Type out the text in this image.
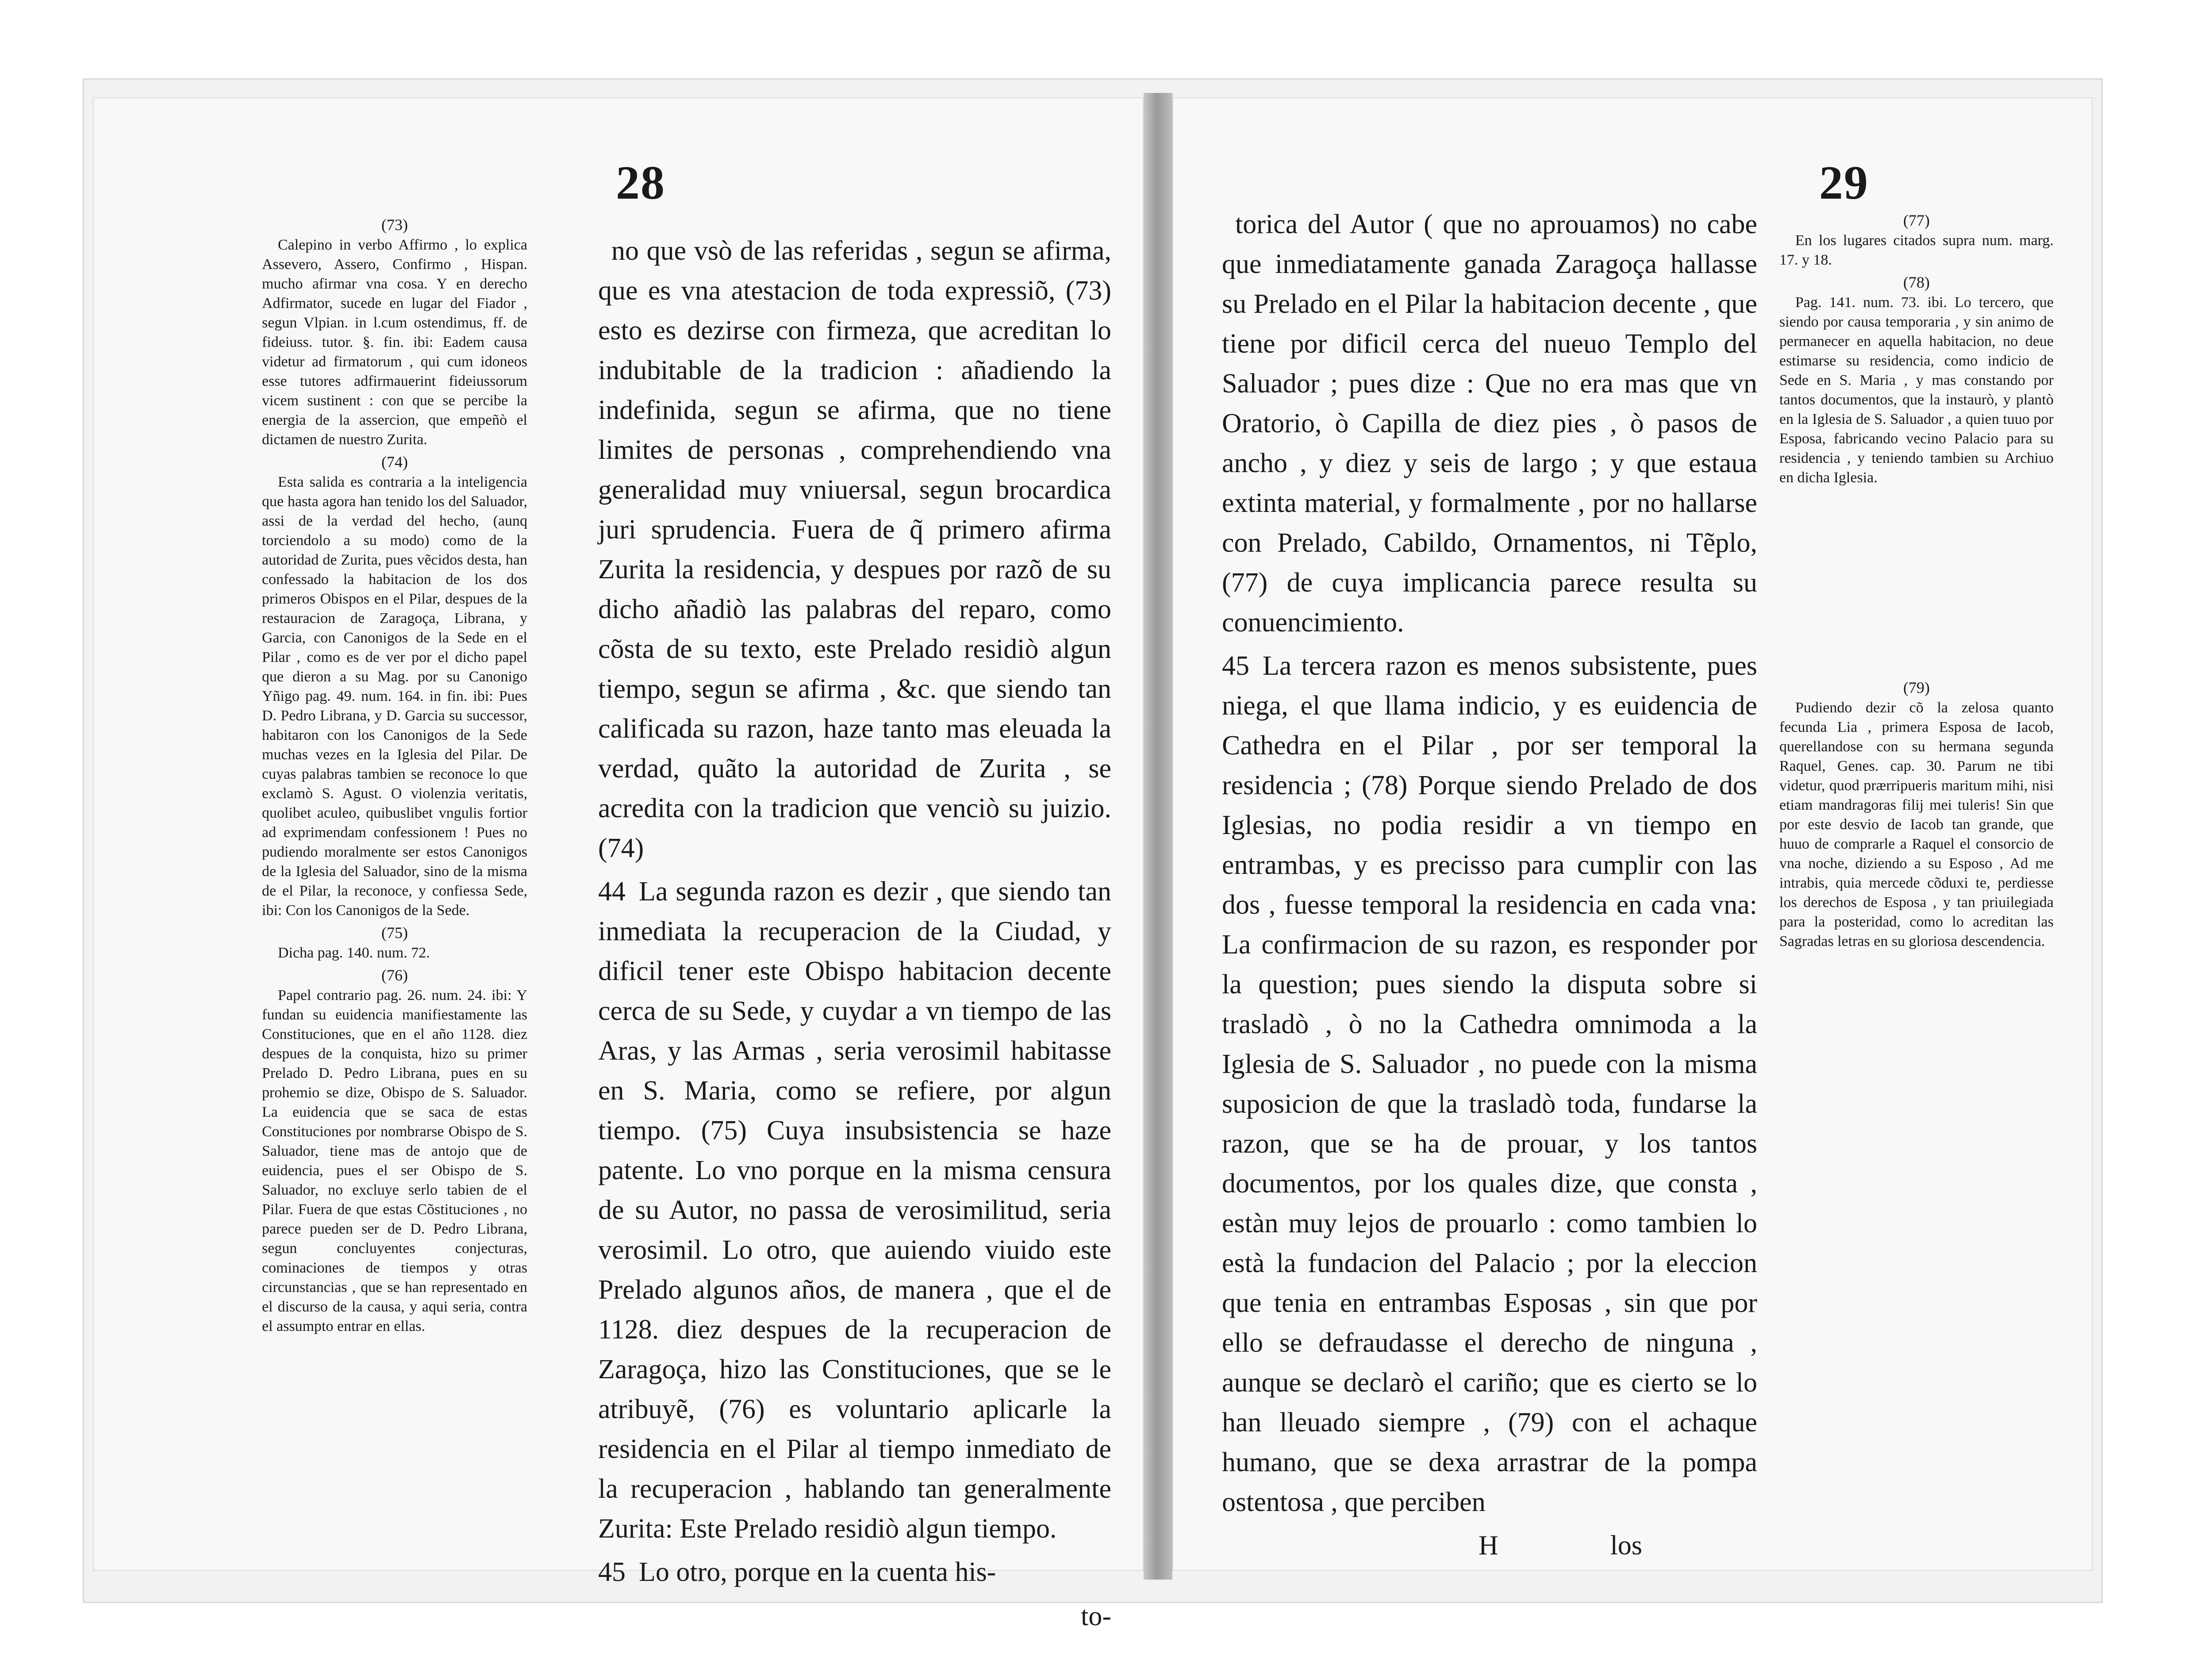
28
(73)
Calepino in verbo Affirmo , lo explica Assevero, Assero, Confirmo , Hispan. mucho afirmar vna cosa. Y en derecho Adfirmator, sucede en lugar del Fiador , segun Vlpian. in l.cum ostendimus, ff. de fideiuss. tutor. §. fin. ibi: Eadem causa videtur ad firmatorum , qui cum idoneos esse tutores adfirmauerint fideiussorum vicem sustinent : con que se percibe la energia de la assercion, que empeñò el dictamen de nuestro Zurita.
(74)
Esta salida es contraria a la inteligencia que hasta agora han tenido los del Saluador, assi de la verdad del hecho, (aunq torciendolo a su modo) como de la autoridad de Zurita, pues vẽcidos desta, han confessado la habitacion de los dos primeros Obispos en el Pilar, despues de la restauracion de Zaragoça, Librana, y Garcia, con Canonigos de la Sede en el Pilar , como es de ver por el dicho papel que dieron a su Mag. por su Canonigo Yñigo pag. 49. num. 164. in fin. ibi: Pues D. Pedro Librana, y D. Garcia su successor, habitaron con los Canonigos de la Sede muchas vezes en la Iglesia del Pilar. De cuyas palabras tambien se reconoce lo que exclamò S. Agust. O violenzia veritatis, quolibet aculeo, quibuslibet vngulis fortior ad exprimendam confessionem ! Pues no pudiendo moralmente ser estos Canonigos de la Iglesia del Saluador, sino de la misma de el Pilar, la reconoce, y confiessa Sede, ibi: Con los Canonigos de la Sede.
(75)
Dicha pag. 140. num. 72.
(76)
Papel contrario pag. 26. num. 24. ibi: Y fundan su euidencia manifiestamente las Constituciones, que en el año 1128. diez despues de la conquista, hizo su primer Prelado D. Pedro Librana, pues en su prohemio se dize, Obispo de S. Saluador. La euidencia que se saca de estas Constituciones por nombrarse Obispo de S. Saluador, tiene mas de antojo que de euidencia, pues el ser Obispo de S. Saluador, no excluye serlo tabien de el Pilar. Fuera de que estas Cõstituciones , no parece pueden ser de D. Pedro Librana, segun concluyentes conjecturas, cominaciones de tiempos y otras circunstancias , que se han representado en el discurso de la causa, y aqui seria, contra el assumpto entrar en ellas.

no que vsò de las referidas , segun se afirma, que es vna atestacion de toda expressiõ, (73) esto es dezirse con firmeza, que acreditan lo indubitable de la tradicion : añadiendo la indefinida, segun se afirma, que no tiene limites de personas , comprehendiendo vna generalidad muy vniuersal, segun brocardica juri sprudencia. Fuera de q̃ primero afirma Zurita la residencia, y despues por razõ de su dicho añadiò las palabras del reparo, como cõsta de su texto, este Prelado residiò algun tiempo, segun se afirma , &c. que siendo tan calificada su razon, haze tanto mas eleuada la verdad, quãto la autoridad de Zurita , se acredita con la tradicion que venciò su juizio. (74)

44 La segunda razon es dezir , que siendo tan inmediata la recuperacion de la Ciudad, y dificil tener este Obispo habitacion decente cerca de su Sede, y cuydar a vn tiempo de las Aras, y las Armas , seria verosimil habitasse en S. Maria, como se refiere, por algun tiempo. (75) Cuya insubsistencia se haze patente. Lo vno porque en la misma censura de su Autor, no passa de verosimilitud, seria verosimil. Lo otro, que auiendo viuido este Prelado algunos años, de manera , que el de 1128. diez despues de la recuperacion de Zaragoça, hizo las Constituciones, que se le atribuyẽ, (76) es voluntario aplicarle la residencia en el Pilar al tiempo inmediato de la recuperacion , hablando tan generalmente Zurita: Este Prelado residiò algun tiempo.

45 Lo otro, porque en la cuenta his-

to-
29

torica del Autor ( que no aprouamos) no cabe que inmediatamente ganada Zaragoça hallasse su Prelado en el Pilar la habitacion decente , que tiene por dificil cerca del nueuo Templo del Saluador ; pues dize : Que no era mas que vn Oratorio, ò Capilla de diez pies , ò pasos de ancho , y diez y seis de largo ; y que estaua extinta material, y formalmente , por no hallarse con Prelado, Cabildo, Ornamentos, ni Tẽplo, (77) de cuya implicancia parece resulta su conuencimiento.

45 La tercera razon es menos subsistente, pues niega, el que llama indicio, y es euidencia de Cathedra en el Pilar , por ser temporal la residencia ; (78) Porque siendo Prelado de dos Iglesias, no podia residir a vn tiempo en entrambas, y es precisso para cumplir con las dos , fuesse temporal la residencia en cada vna: La confirmacion de su razon, es responder por la question; pues siendo la disputa sobre si trasladò , ò no la Cathedra omnimoda a la Iglesia de S. Saluador , no puede con la misma suposicion de que la trasladò toda, fundarse la razon, que se ha de prouar, y los tantos documentos, por los quales dize, que consta , estàn muy lejos de prouarlo : como tambien lo està la fundacion del Palacio ; por la eleccion que tenia en entrambas Esposas , sin que por ello se defraudasse el derecho de ninguna , aunque se declarò el cariño; que es cierto se lo han lleuado siempre , (79) con el achaque humano, que se dexa arrastrar de la pompa ostentosa , que perciben

H	los
(77)
En los lugares citados supra num. marg. 17. y 18.
(78)
Pag. 141. num. 73. ibi. Lo tercero, que siendo por causa temporaria , y sin animo de permanecer en aquella habitacion, no deue estimarse su residencia, como indicio de Sede en S. Maria , y mas constando por tantos documentos, que la instaurò, y plantò en la Iglesia de S. Saluador , a quien tuuo por Esposa, fabricando vecino Palacio para su residencia , y teniendo tambien su Archiuo en dicha Iglesia.
(79)
Pudiendo dezir cõ la zelosa quanto fecunda Lia , primera Esposa de Iacob, querellandose con su hermana segunda Raquel, Genes. cap. 30. Parum ne tibi videtur, quod prærripueris maritum mihi, nisi etiam mandragoras filij mei tuleris! Sin que por este desvio de Iacob tan grande, que huuo de comprarle a Raquel el consorcio de vna noche, diziendo a su Esposo , Ad me intrabis, quia mercede cõduxi te, perdiesse los derechos de Esposa , y tan priuilegiada para la posteridad, como lo acreditan las Sagradas letras en su gloriosa descendencia.
